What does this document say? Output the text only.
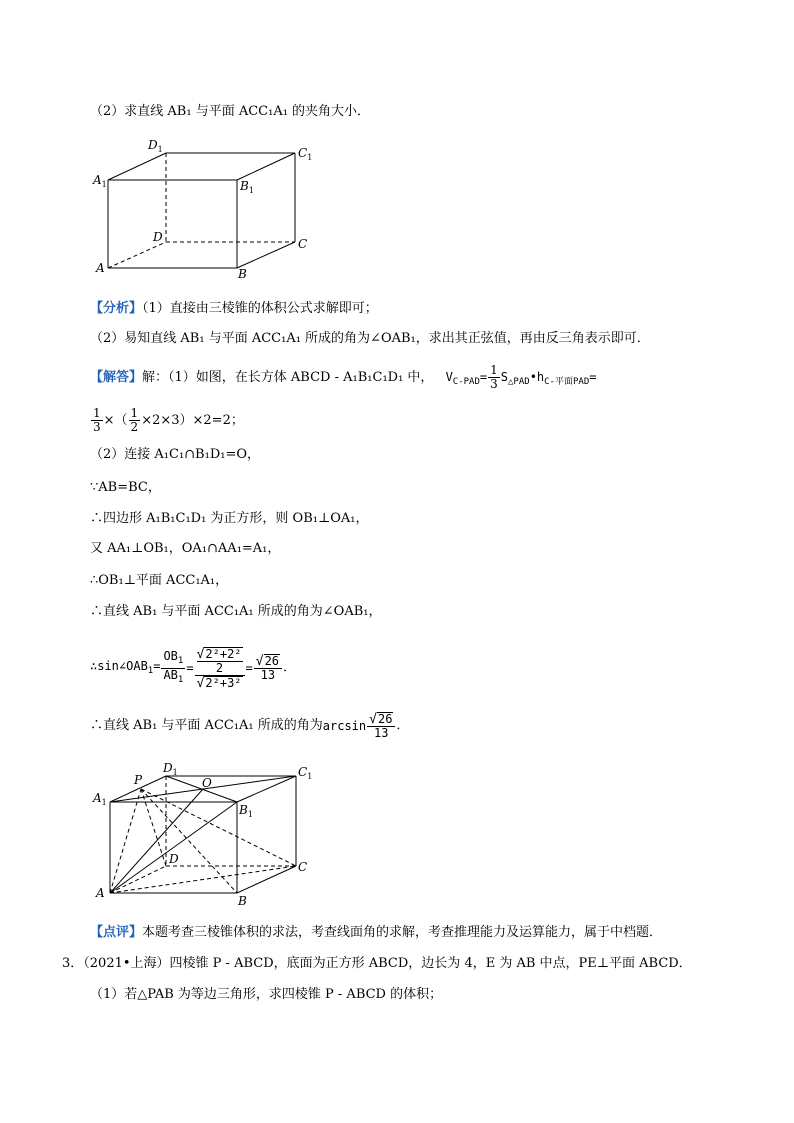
（2）求直线 AB₁ 与平面 ACC₁A₁ 的夹角大小．
$D_1$	$C_1$
$A_1$	$B_1$
D	C
A	B
【分析】（1）直接由三棱锥的体积公式求解即可；
（2）易知直线 AB₁ 与平面 ACC₁A₁ 所成的角为∠OAB₁，求出其正弦值，再由反三角表示即可．
【解答】解：（1）如图，在长方体 ABCD - A₁B₁C₁D₁ 中， $V_{C-PAD}= \frac{1}{3}$ $S_{\triangle PAD}•h_{C-平面PAD}=$
$\frac{1}{3}$ ×（ $\frac{1}{2} \times 2\times 3)\times 2=2$；
（2）连接 A₁C₁∩B₁D₁=O，
∵AB=BC，
∴四边形 A₁B₁C₁D₁ 为正方形，则 OB₁⊥OA₁，
又 AA₁⊥OB₁，OA₁∩AA₁=A₁，
∴OB₁⊥平面 ACC₁A₁，
∴直线 AB₁ 与平面 ACC₁A₁ 所成的角为∠OAB₁，
$\therefore\sin\angle OAB_1= \frac{OB_1}{AB_1} = √2^2+2^2$
2
$√2^2+3^2 = \frac{√26}{13}$ ．
∴直线 AB₁ 与平面 ACC₁A₁ 所成的角为 $\arcsin \frac{√26}{13}$ ．
P
$D_1$
O
$C_1$
$A_1$
$B_1$
D
C
A
B
【点评】本题考查三棱锥体积的求法，考查线面角的求解，考查推理能力及运算能力，属于中档题．
3．（2021•上海）四棱锥 P - ABCD，底面为正方形 ABCD，边长为 4，E 为 AB 中点，PE⊥平面 ABCD．
（1）若△PAB 为等边三角形，求四棱锥 P - ABCD 的体积；
